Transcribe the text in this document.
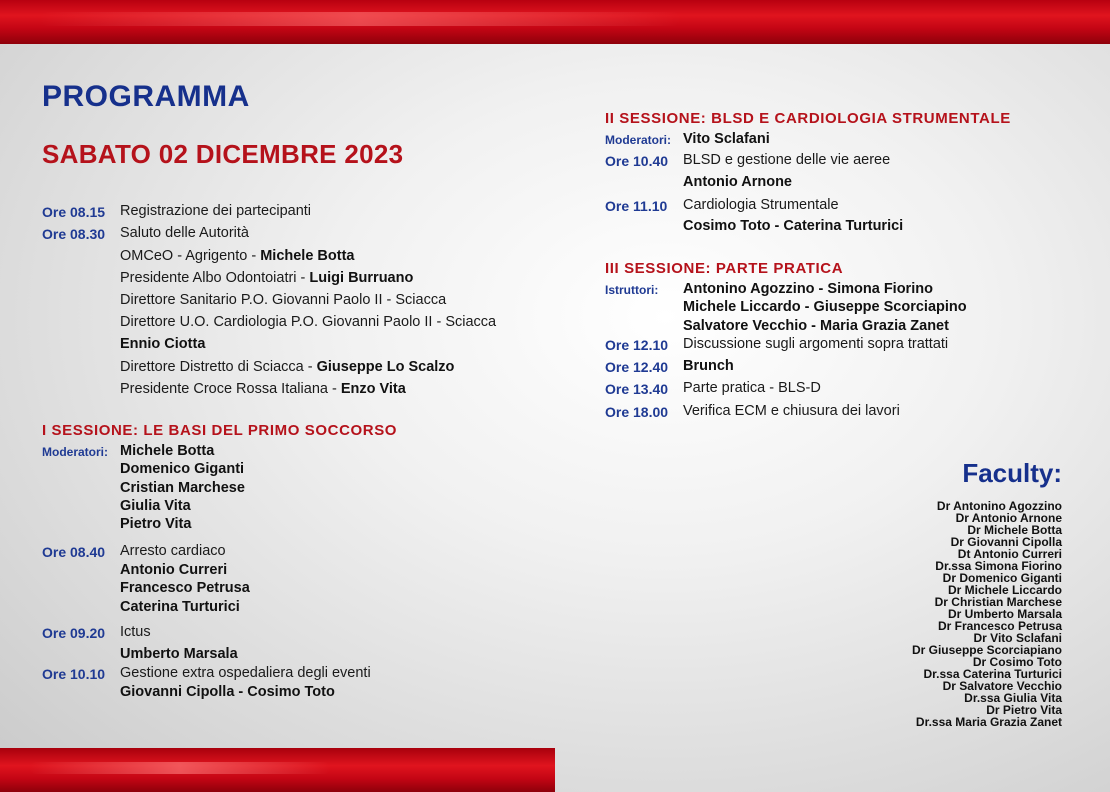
PROGRAMMA
SABATO 02 DICEMBRE 2023
Ore 08.15 Registrazione dei partecipanti
Ore 08.30 Saluto delle Autorità
OMCeO - Agrigento - Michele Botta
Presidente Albo Odontoiatri - Luigi Burruano
Direttore Sanitario P.O. Giovanni Paolo II - Sciacca
Direttore U.O. Cardiologia P.O. Giovanni Paolo II - Sciacca
Ennio Ciotta
Direttore Distretto di Sciacca - Giuseppe Lo Scalzo
Presidente Croce Rossa Italiana - Enzo Vita
I SESSIONE: LE BASI DEL PRIMO SOCCORSO
Moderatori: Michele Botta
Domenico Giganti
Cristian Marchese
Giulia Vita
Pietro Vita
Ore 08.40 Arresto cardiaco
Antonio Curreri
Francesco Petrusa
Caterina Turturici
Ore 09.20 Ictus
Umberto Marsala
Ore 10.10 Gestione extra ospedaliera degli eventi
Giovanni Cipolla - Cosimo Toto
II SESSIONE: BLSD E CARDIOLOGIA STRUMENTALE
Moderatori: Vito Sclafani
Ore 10.40 BLSD e gestione delle vie aeree
Antonio Arnone
Ore 11.10 Cardiologia Strumentale
Cosimo Toto - Caterina Turturici
III SESSIONE: PARTE PRATICA
Istruttori: Antonino Agozzino - Simona Fiorino
Michele Liccardo - Giuseppe Scorciapino
Salvatore Vecchio - Maria Grazia Zanet
Ore 12.10 Discussione sugli argomenti sopra trattati
Ore 12.40 Brunch
Ore 13.40 Parte pratica - BLS-D
Ore 18.00 Verifica ECM e chiusura dei lavori
Faculty:
Dr Antonino Agozzino
Dr Antonio Arnone
Dr Michele Botta
Dr Giovanni Cipolla
Dt Antonio Curreri
Dr.ssa Simona Fiorino
Dr Domenico Giganti
Dr Michele Liccardo
Dr Christian Marchese
Dr Umberto Marsala
Dr Francesco Petrusa
Dr Vito Sclafani
Dr Giuseppe Scorciapiano
Dr Cosimo Toto
Dr.ssa Caterina Turturici
Dr Salvatore Vecchio
Dr.ssa Giulia Vita
Dr Pietro Vita
Dr.ssa Maria Grazia Zanet
